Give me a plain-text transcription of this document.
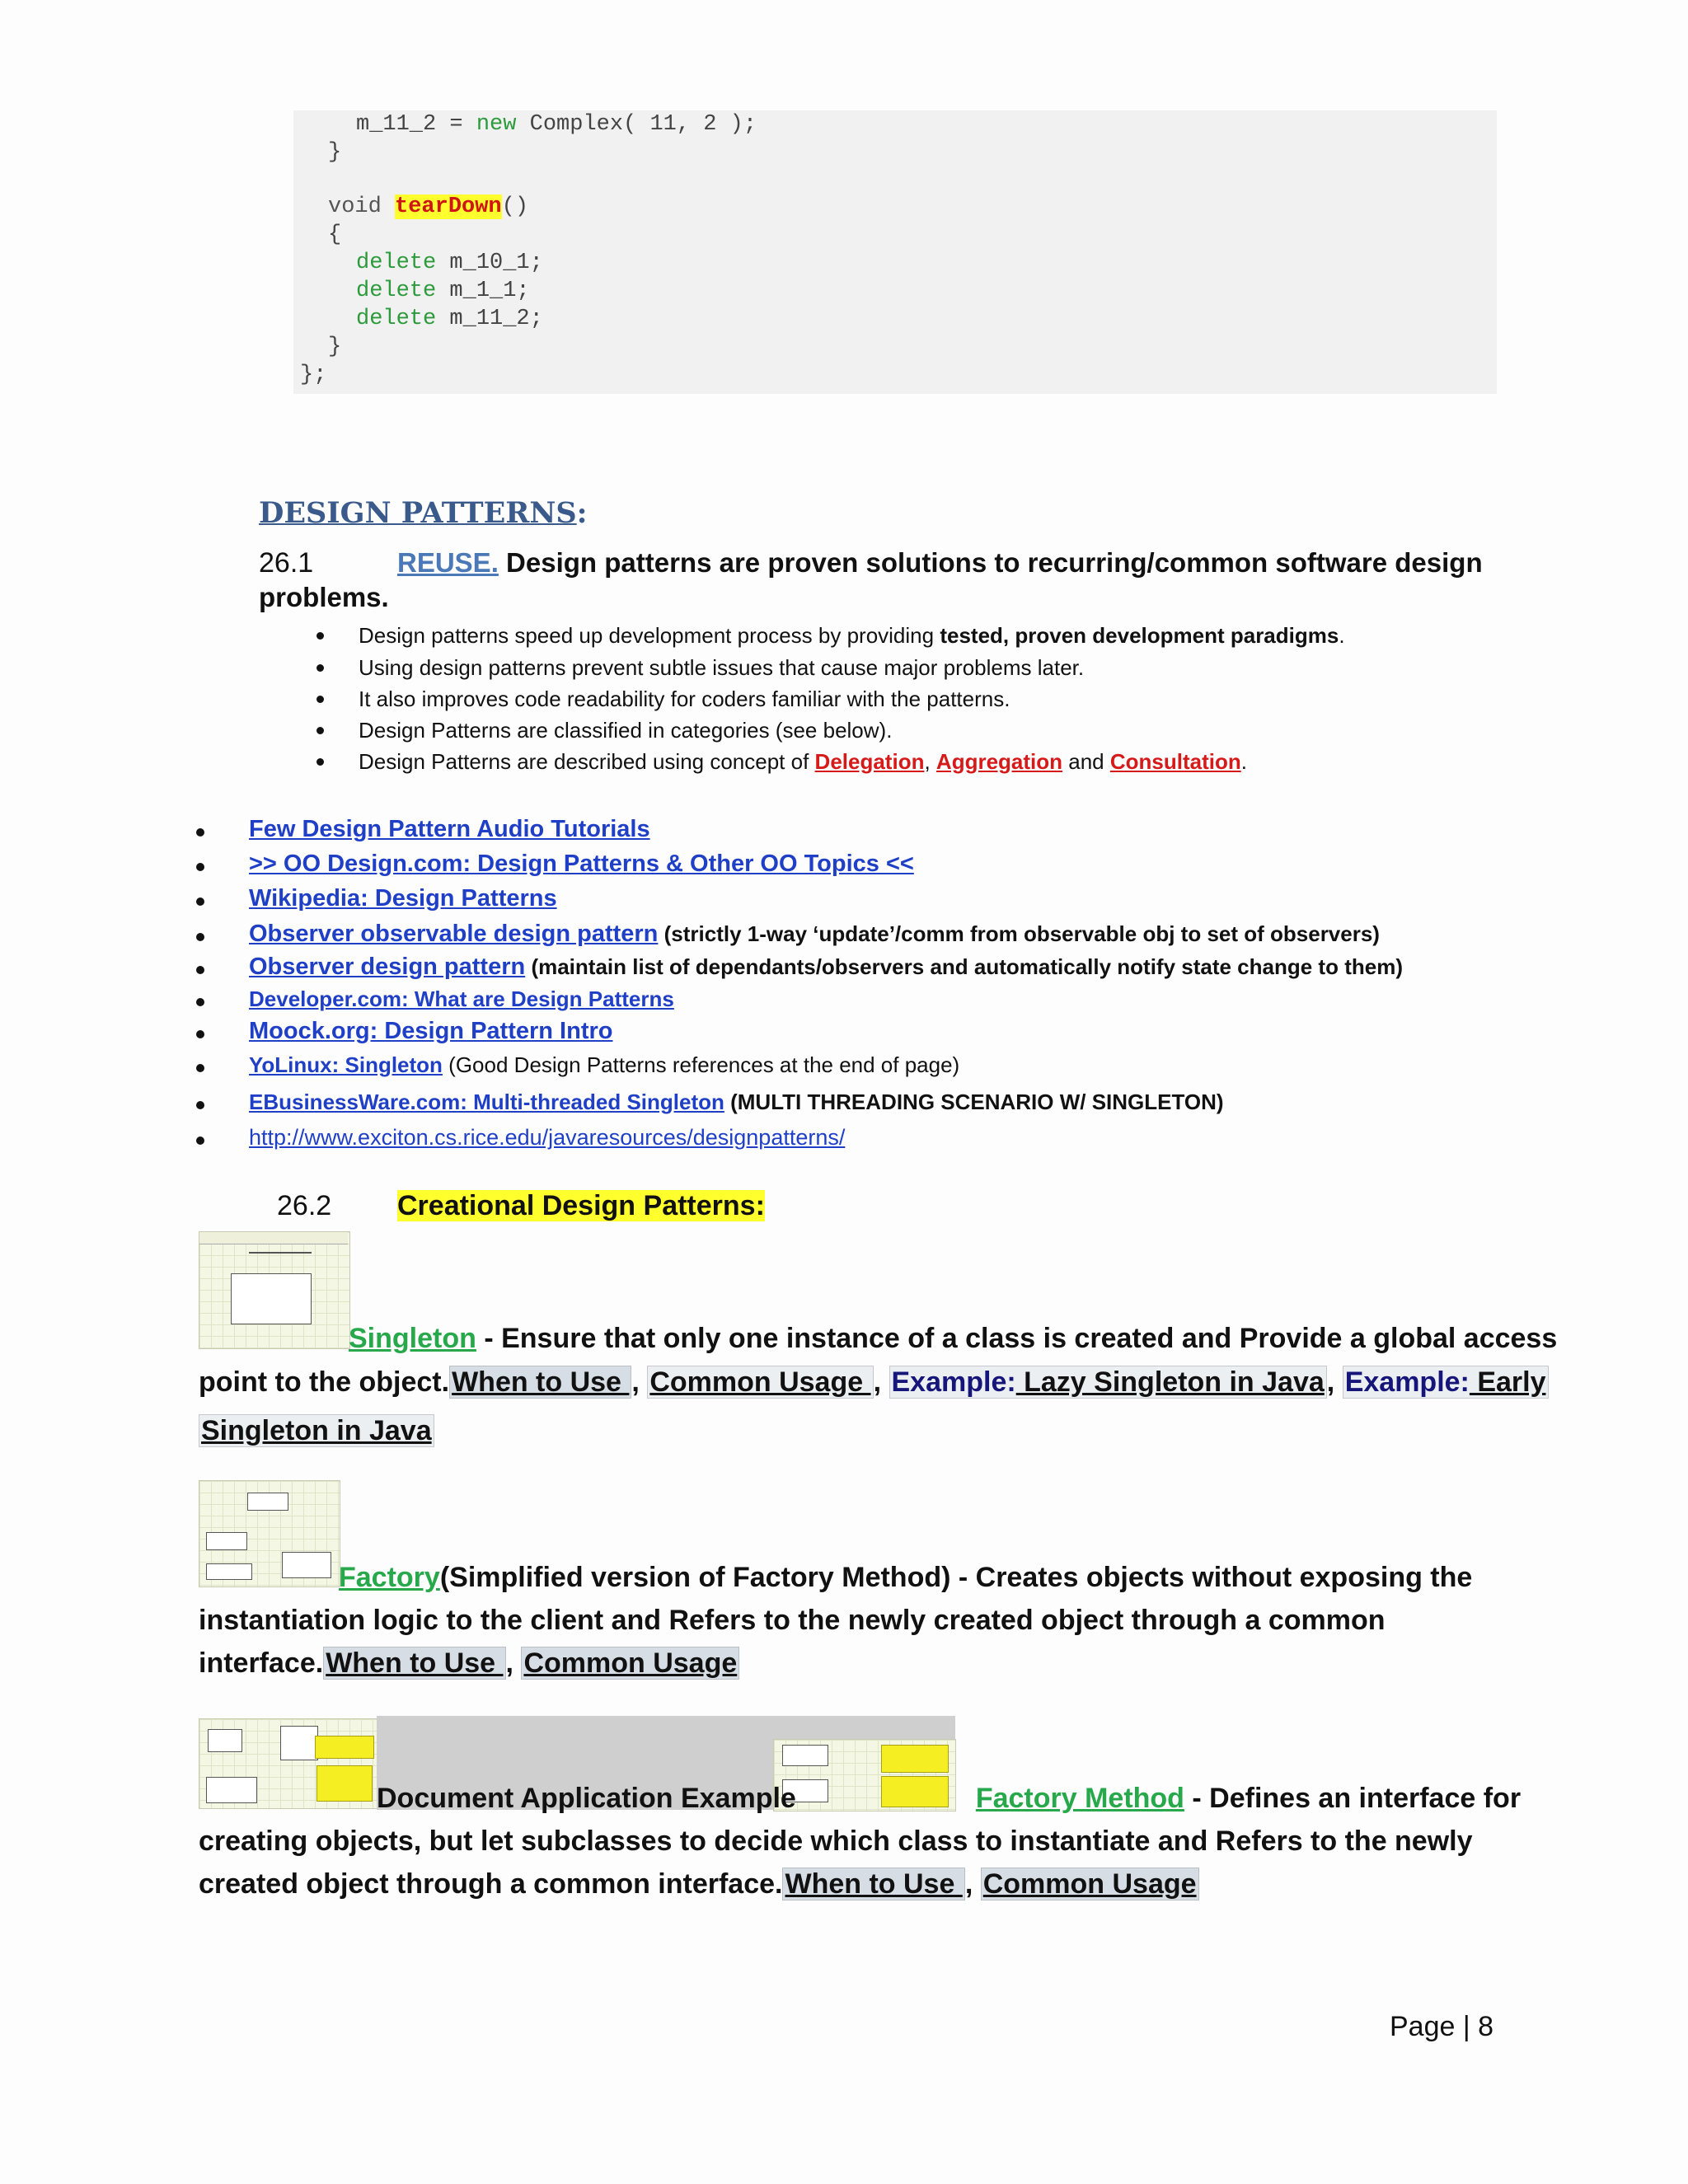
m_11_2 = new Complex( 11, 2 );
}
void tearDown()
{
delete m_10_1;
delete m_1_1;
delete m_11_2;
}
};
DESIGN PATTERNS:
26.1	REUSE. Design patterns are proven solutions to recurring/common software design
problems.
Design patterns speed up development process by providing tested, proven development paradigms.
Using design patterns prevent subtle issues that cause major problems later.
It also improves code readability for coders familiar with the patterns.
Design Patterns are classified in categories (see below).
Design Patterns are described using concept of Delegation, Aggregation and Consultation.
Few Design Pattern Audio Tutorials
>> OO Design.com: Design Patterns & Other OO Topics <<
Wikipedia: Design Patterns
Observer observable design pattern (strictly 1-way ‘update’/comm from observable obj to set of observers)
Observer design pattern (maintain list of dependants/observers and automatically notify state change to them)
Developer.com: What are Design Patterns
Moock.org: Design Pattern Intro
YoLinux: Singleton (Good Design Patterns references at the end of page)
EBusinessWare.com: Multi-threaded Singleton (MULTI THREADING SCENARIO W/ SINGLETON)
http://www.exciton.cs.rice.edu/javaresources/designpatterns/
26.2 Creational Design Patterns:
Singleton - Ensure that only one instance of a class is created and Provide a global access
point to the object.When to Use , Common Usage , Example: Lazy Singleton in Java, Example: Early
Singleton in Java
Factory(Simplified version of Factory Method) - Creates objects without exposing the
instantiation logic to the client and Refers to the newly created object through a common
interface.When to Use , Common Usage
Document Application Example	Factory Method - Defines an interface for
creating objects, but let subclasses to decide which class to instantiate and Refers to the newly
created object through a common interface.When to Use , Common Usage
Page | 8
